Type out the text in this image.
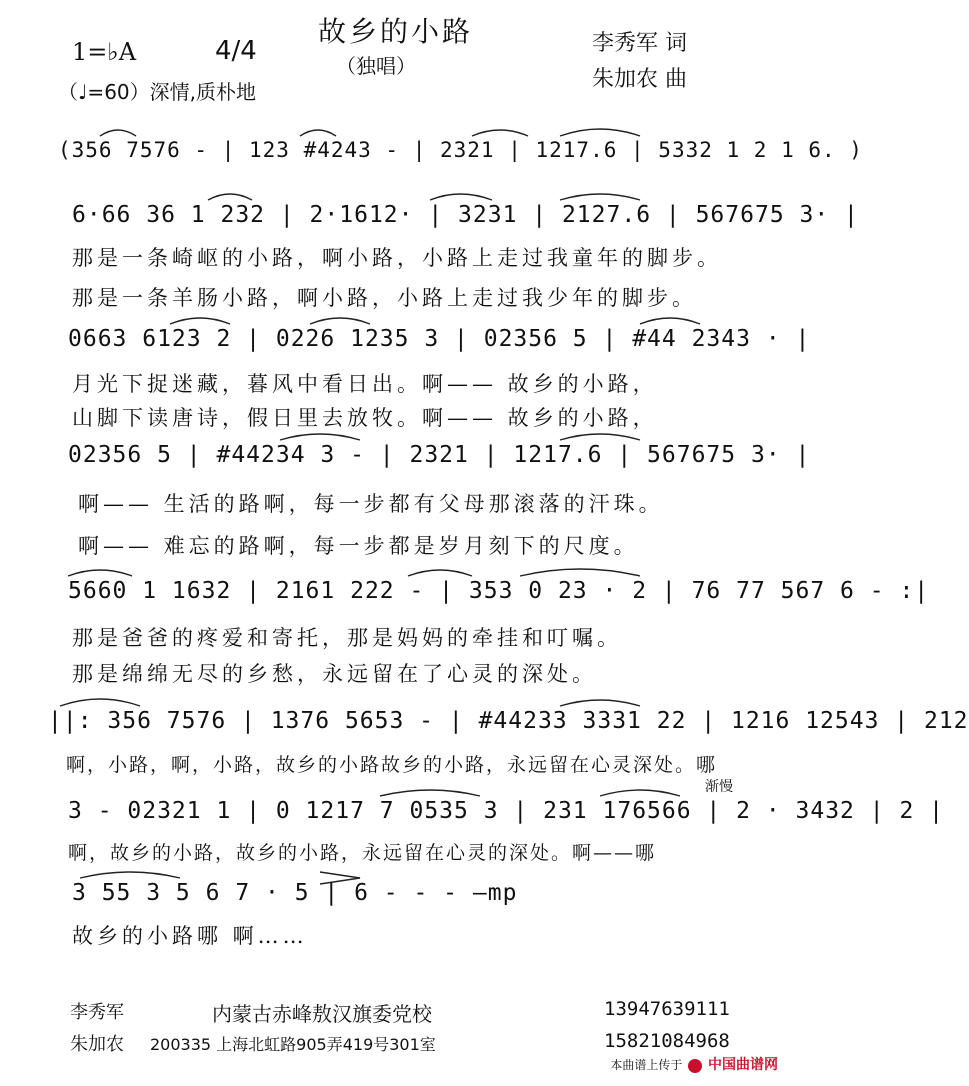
故乡的小路
（独唱）
1=♭A	4/4
（♩=60）深情,质朴地
李秀军 词
朱加农 曲
(356 7576 - | 123 #4243 - | 2321 | 1217.6 | 5332 1 2 1 6. )
6·66 36 1 232 | 2·1612· | 3231 | 2127.6 | 567675 3· |
那是一条崎岖的小路，啊小路，小路上走过我童年的脚步。
那是一条羊肠小路，啊小路，小路上走过我少年的脚步。
0663 6123 2 | 0226 1235 3 | 02356 5 | #44 2343 · |
月光下捉迷藏，暮风中看日出。啊—— 故乡的小路，
山脚下读唐诗，假日里去放牧。啊—— 故乡的小路，
02356 5 | #44234 3 - | 2321 | 1217.6 | 567675 3· |
啊—— 生活的路啊，每一步都有父母那滚落的汗珠。
啊—— 难忘的路啊，每一步都是岁月刻下的尺度。
5660 1 1632 | 2161 222 - | 353 0 23 · 2 | 76 77 567 6 - :|
那是爸爸的疼爱和寄托，那是妈妈的牵挂和叮嘱。
那是绵绵无尽的乡愁，永远留在了心灵的深处。
||: 356 7576 | 1376 5653 - | #44233 3331 22 | 1216 12543 | 212
啊，小路，啊，小路，故乡的小路故乡的小路，永远留在心灵深处。哪
渐慢
3 - 02321 1 | 0 1217 7 0535 3 | 231 176566 | 2 · 3432 | 2 |
啊，故乡的小路，故乡的小路，永远留在心灵的深处。啊——哪
3 55 3 5 6 7 · 5 | 6 - - - —mp
故乡的小路哪 啊……
李秀军	内蒙古赤峰敖汉旗委党校	13947639111
朱加农 200335 上海北虹路905弄419号301室	15821084968
本曲谱上传于 中国曲谱网
